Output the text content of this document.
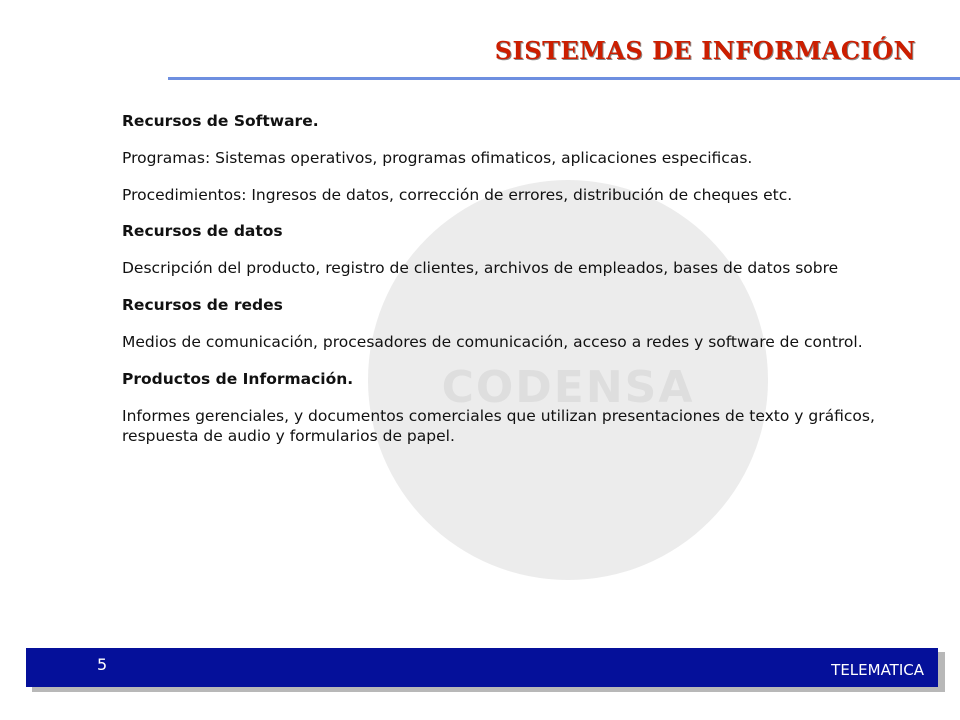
CODENSA
SISTEMAS DE INFORMACIÓN

Recursos de Software.

Programas: Sistemas operativos, programas ofimaticos, aplicaciones especificas.

Procedimientos: Ingresos de datos, corrección de errores, distribución de cheques etc.

Recursos de datos

Descripción del producto, registro de clientes, archivos de empleados, bases de datos sobre

Recursos de redes

Medios de comunicación, procesadores de comunicación, acceso a redes y software de control.

Productos de Información.

Informes gerenciales, y documentos comerciales que utilizan presentaciones de texto y gráficos, respuesta de audio y formularios de papel.

5	TELEMATICA
